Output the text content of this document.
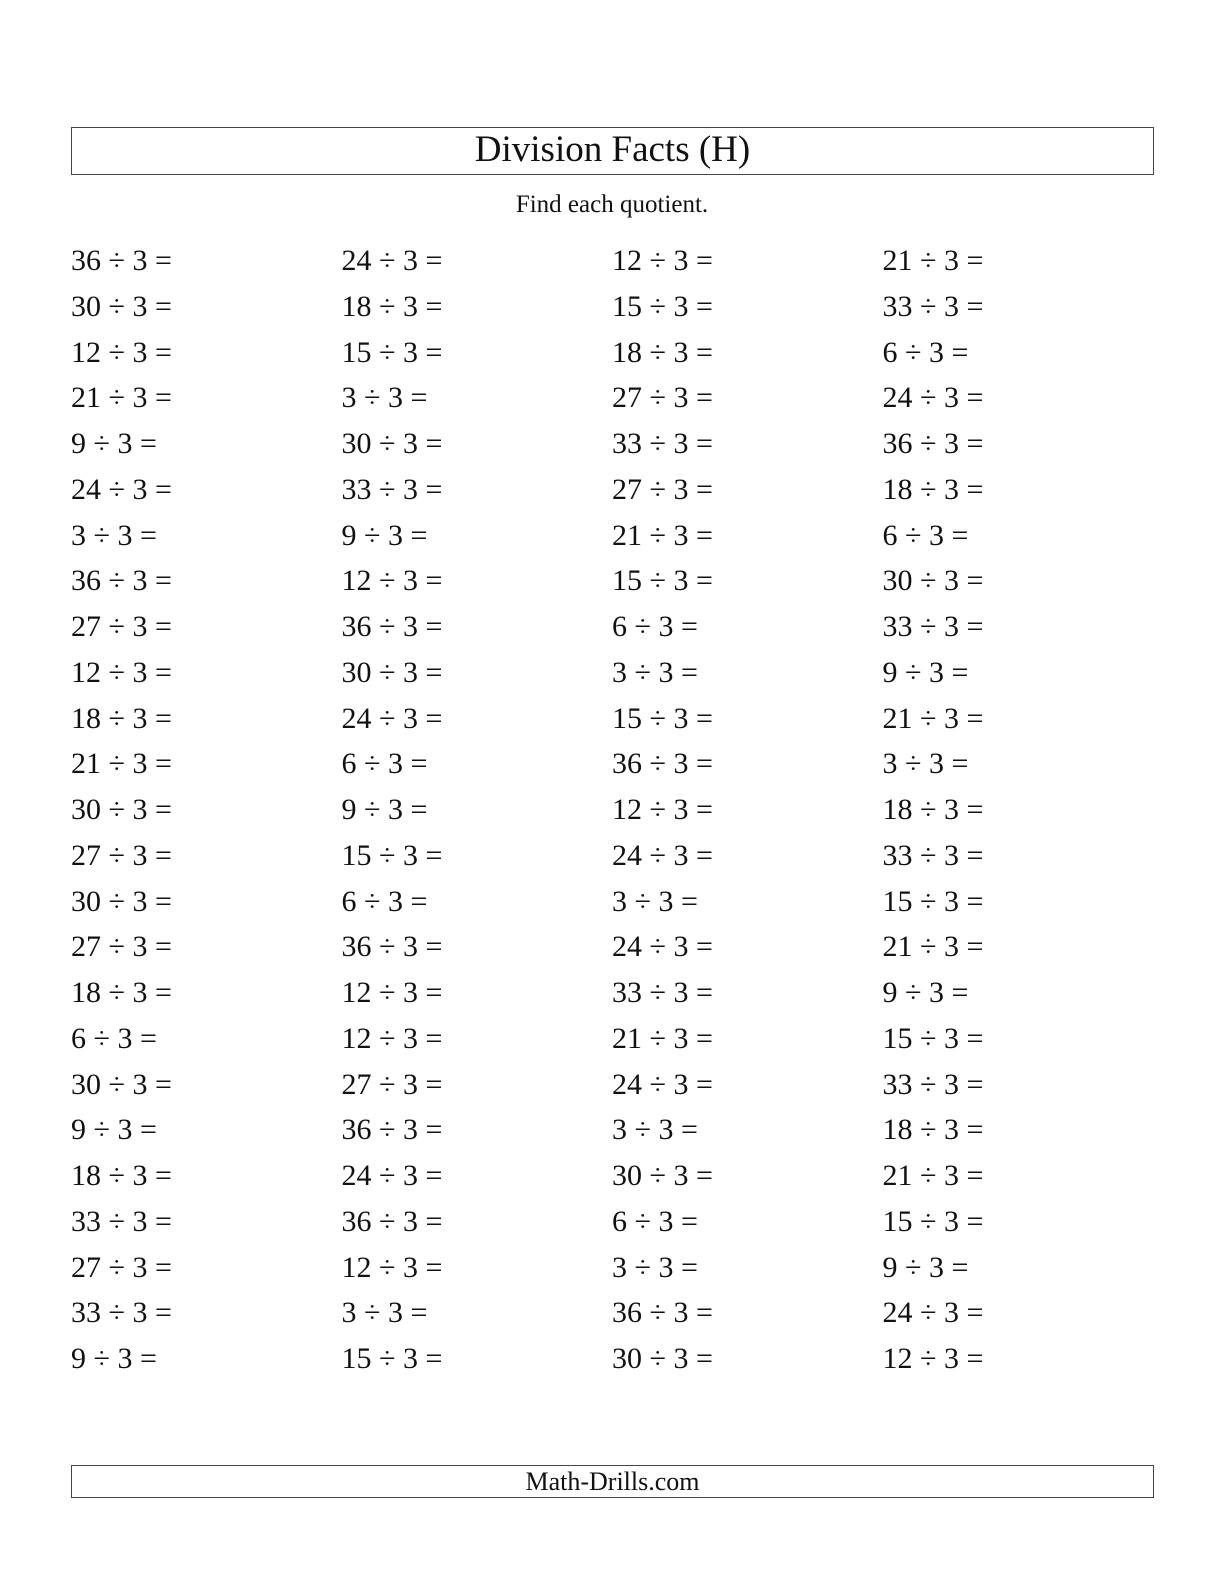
Division Facts (H)
Find each quotient.
36 ÷ 3 =	24 ÷ 3 =	12 ÷ 3 =	21 ÷ 3 =
30 ÷ 3 =	18 ÷ 3 =	15 ÷ 3 =	33 ÷ 3 =
12 ÷ 3 =	15 ÷ 3 =	18 ÷ 3 =	6 ÷ 3 =
21 ÷ 3 =	3 ÷ 3 =	27 ÷ 3 =	24 ÷ 3 =
9 ÷ 3 =	30 ÷ 3 =	33 ÷ 3 =	36 ÷ 3 =
24 ÷ 3 =	33 ÷ 3 =	27 ÷ 3 =	18 ÷ 3 =
3 ÷ 3 =	9 ÷ 3 =	21 ÷ 3 =	6 ÷ 3 =
36 ÷ 3 =	12 ÷ 3 =	15 ÷ 3 =	30 ÷ 3 =
27 ÷ 3 =	36 ÷ 3 =	6 ÷ 3 =	33 ÷ 3 =
12 ÷ 3 =	30 ÷ 3 =	3 ÷ 3 =	9 ÷ 3 =
18 ÷ 3 =	24 ÷ 3 =	15 ÷ 3 =	21 ÷ 3 =
21 ÷ 3 =	6 ÷ 3 =	36 ÷ 3 =	3 ÷ 3 =
30 ÷ 3 =	9 ÷ 3 =	12 ÷ 3 =	18 ÷ 3 =
27 ÷ 3 =	15 ÷ 3 =	24 ÷ 3 =	33 ÷ 3 =
30 ÷ 3 =	6 ÷ 3 =	3 ÷ 3 =	15 ÷ 3 =
27 ÷ 3 =	36 ÷ 3 =	24 ÷ 3 =	21 ÷ 3 =
18 ÷ 3 =	12 ÷ 3 =	33 ÷ 3 =	9 ÷ 3 =
6 ÷ 3 =	12 ÷ 3 =	21 ÷ 3 =	15 ÷ 3 =
30 ÷ 3 =	27 ÷ 3 =	24 ÷ 3 =	33 ÷ 3 =
9 ÷ 3 =	36 ÷ 3 =	3 ÷ 3 =	18 ÷ 3 =
18 ÷ 3 =	24 ÷ 3 =	30 ÷ 3 =	21 ÷ 3 =
33 ÷ 3 =	36 ÷ 3 =	6 ÷ 3 =	15 ÷ 3 =
27 ÷ 3 =	12 ÷ 3 =	3 ÷ 3 =	9 ÷ 3 =
33 ÷ 3 =	3 ÷ 3 =	36 ÷ 3 =	24 ÷ 3 =
9 ÷ 3 =	15 ÷ 3 =	30 ÷ 3 =	12 ÷ 3 =
Math-Drills.com
